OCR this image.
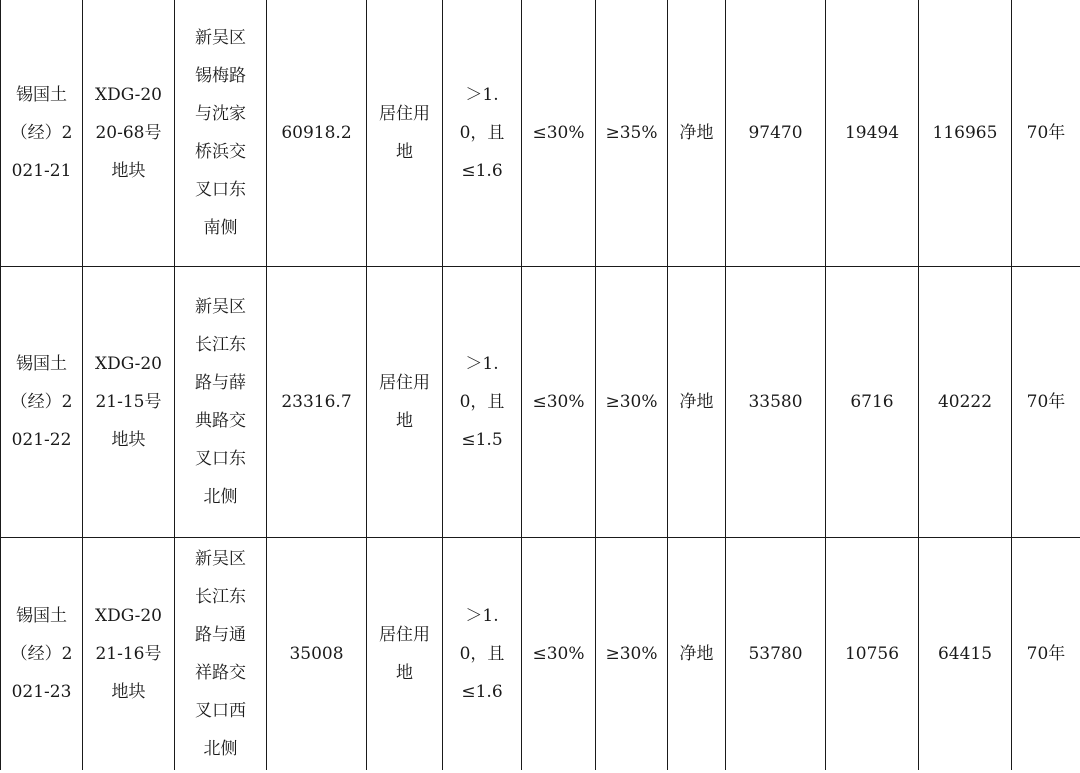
锡国土（经）2021-21	XDG-2020-68号地块	新吴区锡梅路与沈家桥浜交叉口东南侧	60918.2	居住用地	＞1.0，且≤1.6	≤30%	≥35%	净地	97470	19494	116965	70年

锡国土（经）2021-22	XDG-2021-15号地块	新吴区长江东路与薛典路交叉口东北侧	23316.7	居住用地	＞1.0，且≤1.5	≤30%	≥30%	净地	33580	6716	40222	70年

锡国土（经）2021-23	XDG-2021-16号地块	新吴区长江东路与通祥路交叉口西北侧	35008	居住用地	＞1.0，且≤1.6	≤30%	≥30%	净地	53780	10756	64415	70年
